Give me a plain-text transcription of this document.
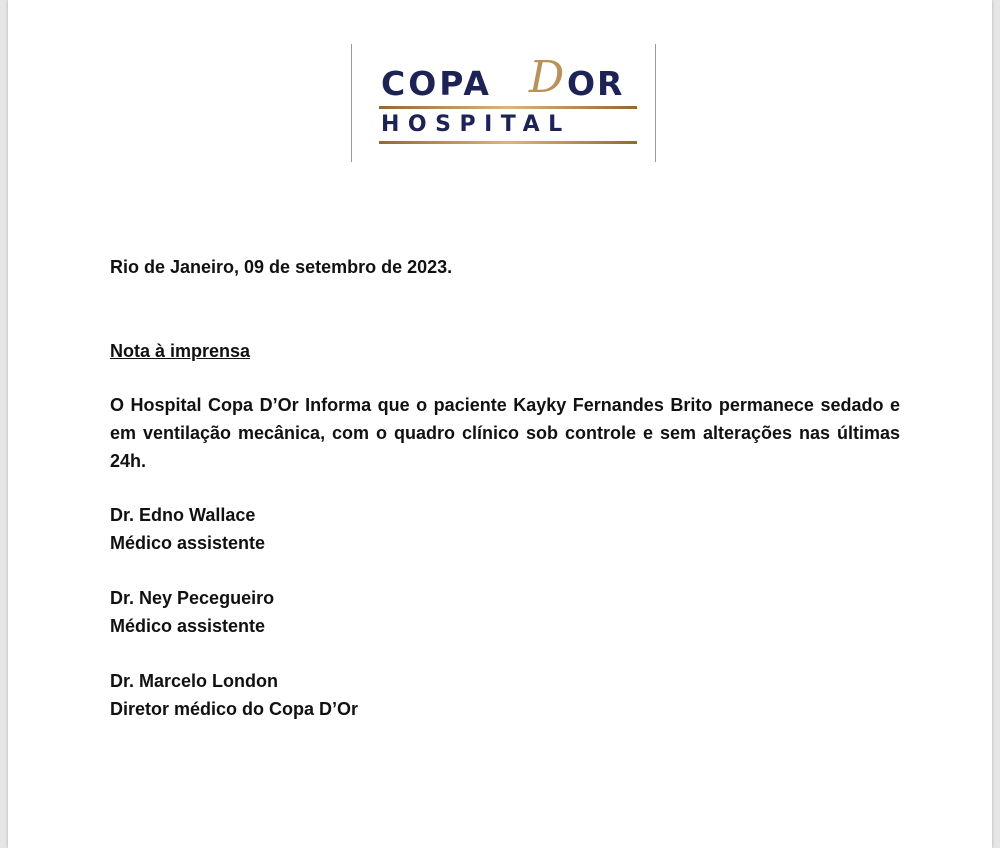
COPA D OR
HOSPITAL

Rio de Janeiro, 09 de setembro de 2023.

Nota à imprensa

O Hospital Copa D’Or Informa que o paciente Kayky Fernandes Brito permanece sedado e em ventilação mecânica, com o quadro clínico sob controle e sem alterações nas últimas 24h.

Dr. Edno Wallace

Médico assistente

Dr. Ney Pecegueiro

Médico assistente

Dr. Marcelo London

Diretor médico do Copa D’Or
